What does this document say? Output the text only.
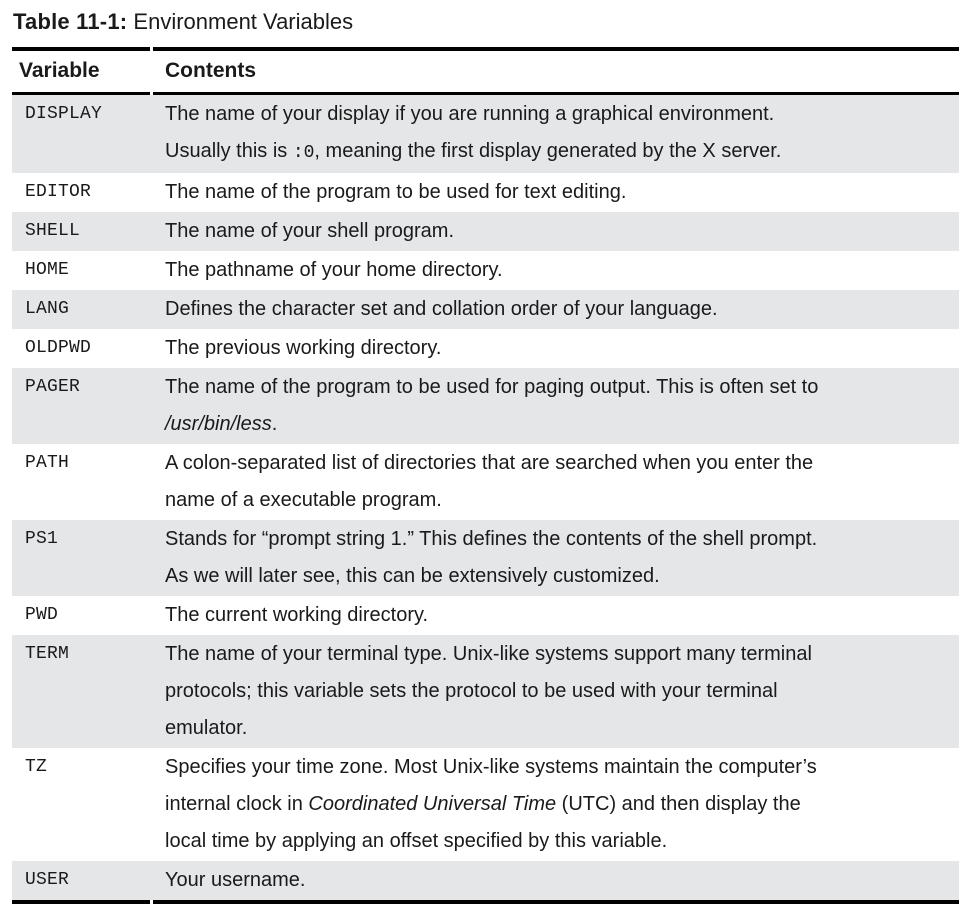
Table 11-1: Environment Variables
Variable	Contents
DISPLAY	The name of your display if you are running a graphical environment.
Usually this is :0, meaning the first display generated by the X server.
EDITOR	The name of the program to be used for text editing.
SHELL	The name of your shell program.
HOME	The pathname of your home directory.
LANG	Defines the character set and collation order of your language.
OLDPWD	The previous working directory.
PAGER	The name of the program to be used for paging output. This is often set to
/usr/bin/less.
PATH	A colon-separated list of directories that are searched when you enter the
name of a executable program.
PS1	Stands for “prompt string 1.” This defines the contents of the shell prompt.
As we will later see, this can be extensively customized.
PWD	The current working directory.
TERM	The name of your terminal type. Unix-like systems support many terminal
protocols; this variable sets the protocol to be used with your terminal
emulator.
TZ	Specifies your time zone. Most Unix-like systems maintain the computer’s
internal clock in Coordinated Universal Time (UTC) and then display the
local time by applying an offset specified by this variable.
USER	Your username.
